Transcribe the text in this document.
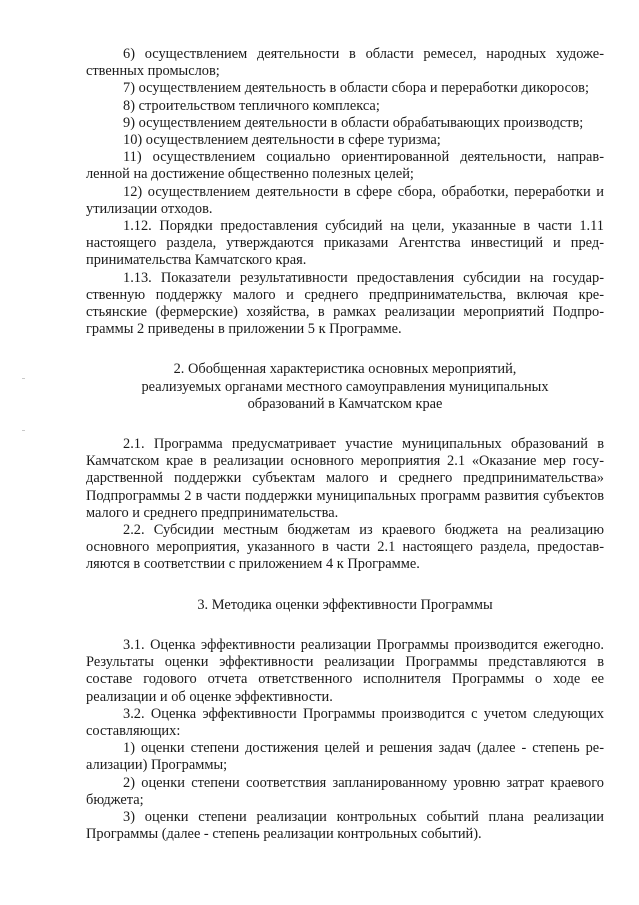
6) осуществлением деятельности в области ремесел, народных художественных промыслов;

7) осуществлением деятельность в области сбора и переработки дикоросов;

8) строительством тепличного комплекса;

9) осуществлением деятельности в области обрабатывающих производств;

10) осуществлением деятельности в сфере туризма;

11) осуществлением социально ориентированной деятельности, направленной на достижение общественно полезных целей;

12) осуществлением деятельности в сфере сбора, обработки, переработки и утилизации отходов.

1.12. Порядки предоставления субсидий на цели, указанные в части 1.11 настоящего раздела, утверждаются приказами Агентства инвестиций и предпринимательства Камчатского края.

1.13. Показатели результативности предоставления субсидии на государственную поддержку малого и среднего предпринимательства, включая крестьянские (фермерские) хозяйства, в рамках реализации мероприятий Подпрограммы 2 приведены в приложении 5 к Программе.

2. Обобщенная характеристика основных мероприятий,

реализуемых органами местного самоуправления муниципальных

образований в Камчатском крае

2.1. Программа предусматривает участие муниципальных образований в Камчатском крае в реализации основного мероприятия 2.1 «Оказание мер государственной поддержки субъектам малого и среднего предпринимательства» Подпрограммы 2 в части поддержки муниципальных программ развития субъектов малого и среднего предпринимательства.

2.2. Субсидии местным бюджетам из краевого бюджета на реализацию основного мероприятия, указанного в части 2.1 настоящего раздела, предоставляются в соответствии с приложением 4 к Программе.

3. Методика оценки эффективности Программы

3.1. Оценка эффективности реализации Программы производится ежегодно. Результаты оценки эффективности реализации Программы представляются в составе годового отчета ответственного исполнителя Программы о ходе ее реализации и об оценке эффективности.

3.2. Оценка эффективности Программы производится с учетом следующих составляющих:

1) оценки степени достижения целей и решения задач (далее - степень реализации) Программы;

2) оценки степени соответствия запланированному уровню затрат краевого бюджета;

3) оценки степени реализации контрольных событий плана реализации Программы (далее - степень реализации контрольных событий).
